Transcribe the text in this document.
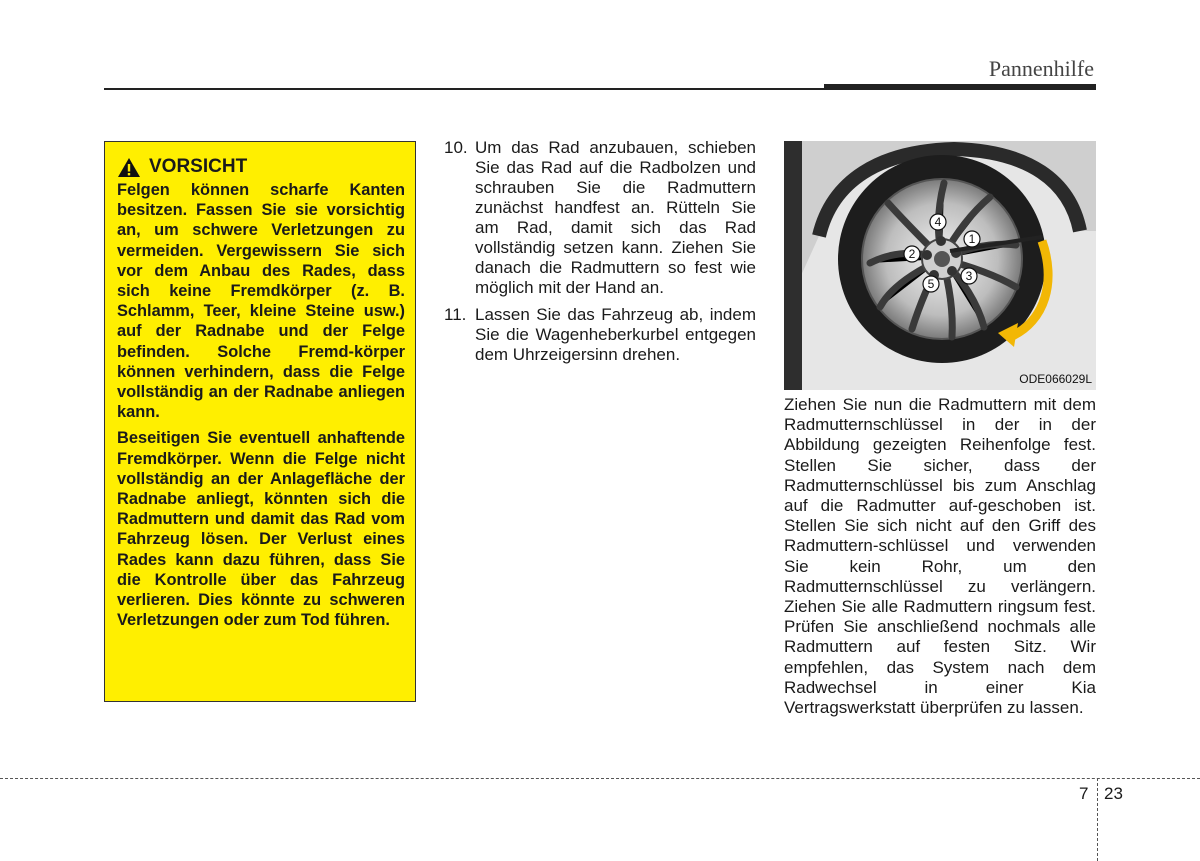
Pannenhilfe
VORSICHT

Felgen können scharfe Kanten besitzen. Fassen Sie sie vorsichtig an, um schwere Verletzungen zu vermeiden. Vergewissern Sie sich vor dem Anbau des Rades, dass sich keine Fremdkörper (z. B. Schlamm, Teer, kleine Steine usw.) auf der Radnabe und der Felge befinden. Solche Fremd-körper können verhindern, dass die Felge vollständig an der Radnabe anliegen kann.

Beseitigen Sie eventuell anhaftende Fremdkörper. Wenn die Felge nicht vollständig an der Anlagefläche der Radnabe anliegt, könnten sich die Radmuttern und damit das Rad vom Fahrzeug lösen. Der Verlust eines Rades kann dazu führen, dass Sie die Kontrolle über das Fahrzeug verlieren. Dies könnte zu schweren Verletzungen oder zum Tod führen.

10. Um das Rad anzubauen, schieben Sie das Rad auf die Radbolzen und schrauben Sie die Radmuttern zunächst handfest an. Rütteln Sie am Rad, damit sich das Rad vollständig setzen kann. Ziehen Sie danach die Radmuttern so fest wie möglich mit der Hand an.
11. Lassen Sie das Fahrzeug ab, indem Sie die Wagenheberkurbel entgegen dem Uhrzeigersinn drehen.
1
2
3
4
5
ODE066029L

Ziehen Sie nun die Radmuttern mit dem Radmutternschlüssel in der in der Abbildung gezeigten Reihenfolge fest. Stellen Sie sicher, dass der Radmutternschlüssel bis zum Anschlag auf die Radmutter auf-geschoben ist. Stellen Sie sich nicht auf den Griff des Radmuttern-schlüssel und verwenden Sie kein Rohr, um den Radmutternschlüssel zu verlängern. Ziehen Sie alle Radmuttern ringsum fest. Prüfen Sie anschließend nochmals alle Radmuttern auf festen Sitz. Wir empfehlen, das System nach dem Radwechsel in einer Kia Vertragswerkstatt überprüfen zu lassen.

7 23
